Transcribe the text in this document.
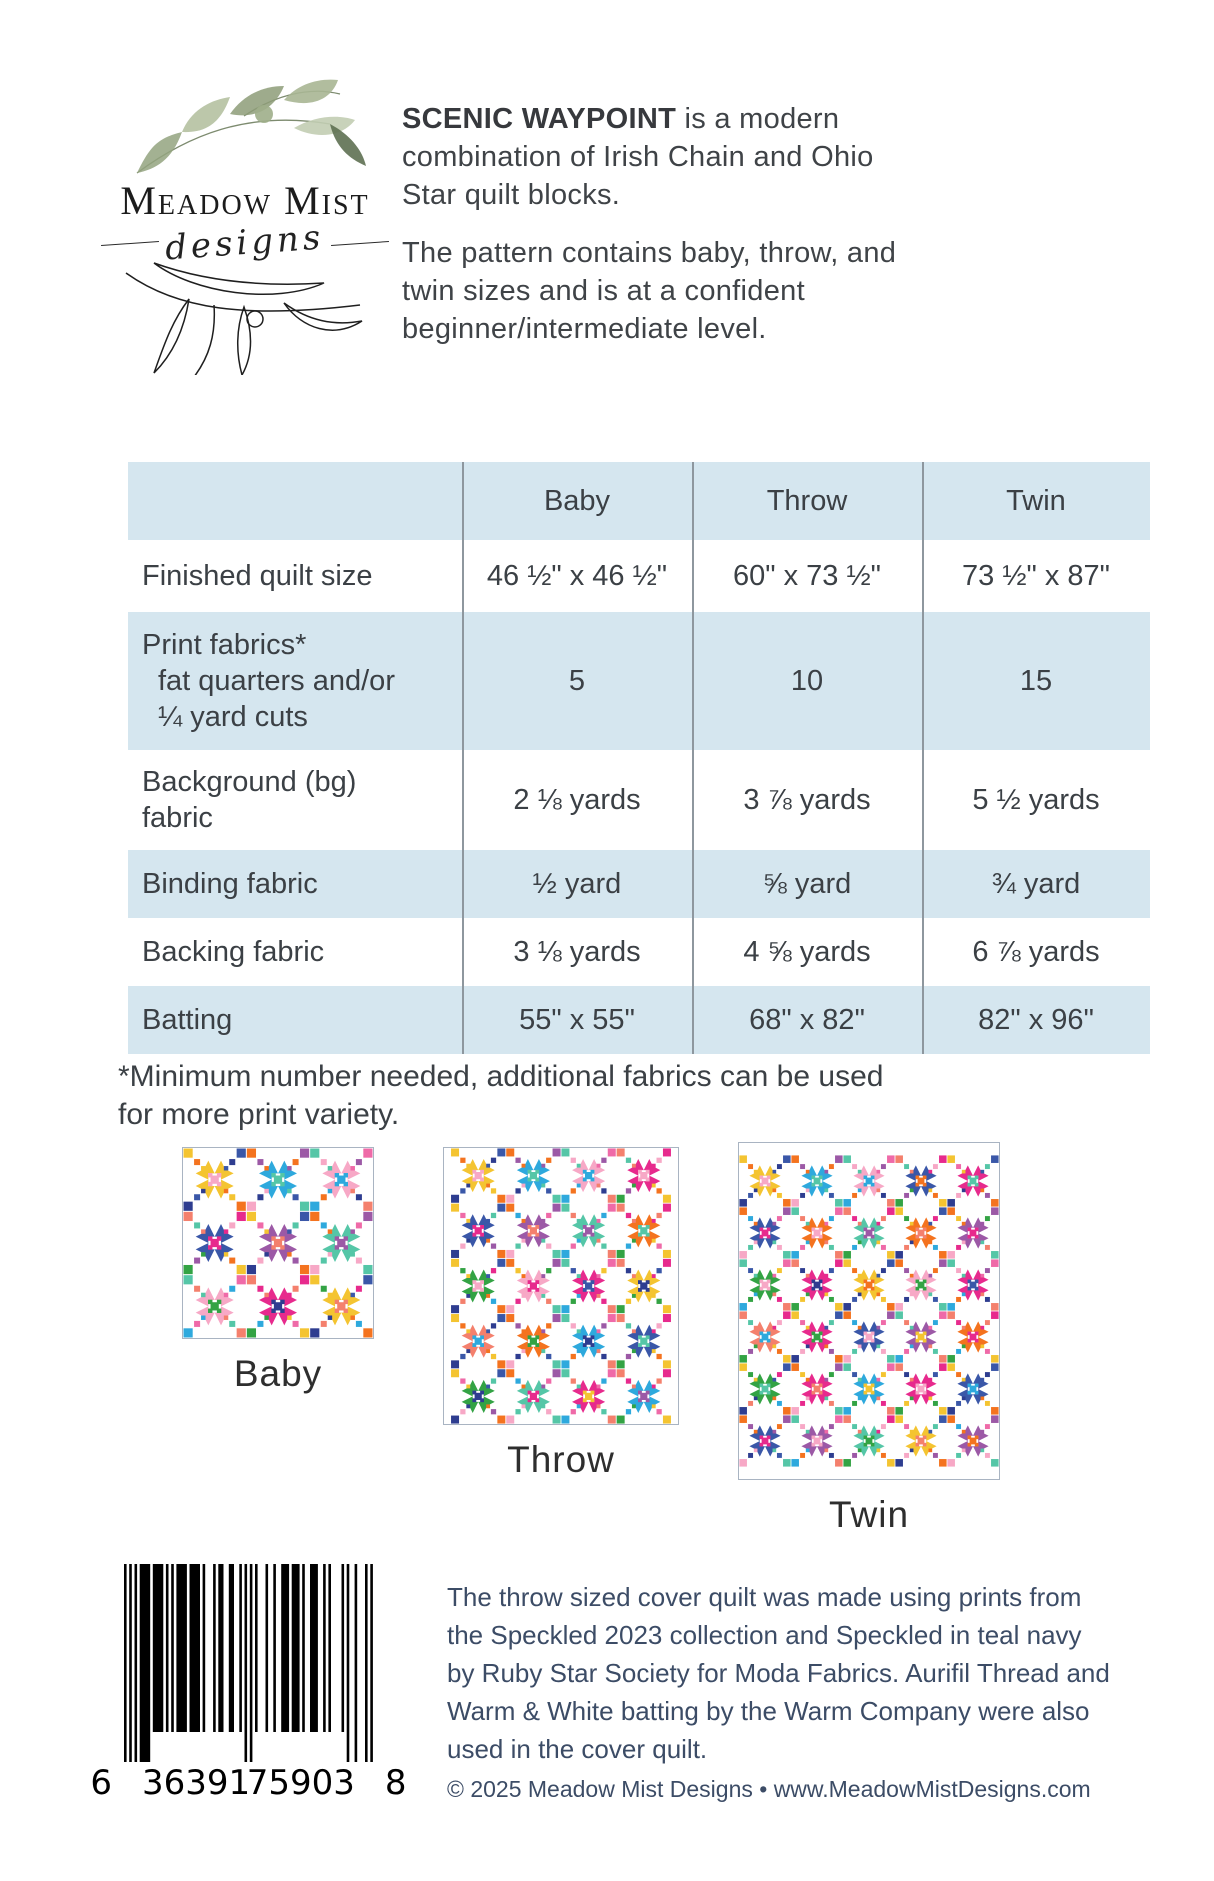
Meadow Mist
designs
SCENIC WAYPOINT is a modern
combination of Irish Chain and Ohio
Star quilt blocks.
The pattern contains baby, throw, and
twin sizes and is at a confident
beginner/intermediate level.
Baby	Throw	Twin
Finished quilt size	46 ½" x 46 ½"	60" x 73 ½"	73 ½" x 87"
Print fabrics*
fat quarters and/or
¼ yard cuts
5	10	15
Background (bg)
fabric
2 ⅛ yards	3 ⅞ yards	5 ½ yards
Binding fabric	½ yard	⅝ yard	¾ yard
Backing fabric	3 ⅛ yards	4 ⅝ yards	6 ⅞ yards
Batting	55" x 55"	68" x 82"	82" x 96"
*Minimum number needed, additional fabrics can be used
for more print variety.
Baby
Throw
Twin
6 36391
75903 8
The throw sized cover quilt was made using prints from
the Speckled 2023 collection and Speckled in teal navy
by Ruby Star Society for Moda Fabrics. Aurifil Thread and
Warm & White batting by the Warm Company were also
used in the cover quilt.
© 2025 Meadow Mist Designs • www.MeadowMistDesigns.com
